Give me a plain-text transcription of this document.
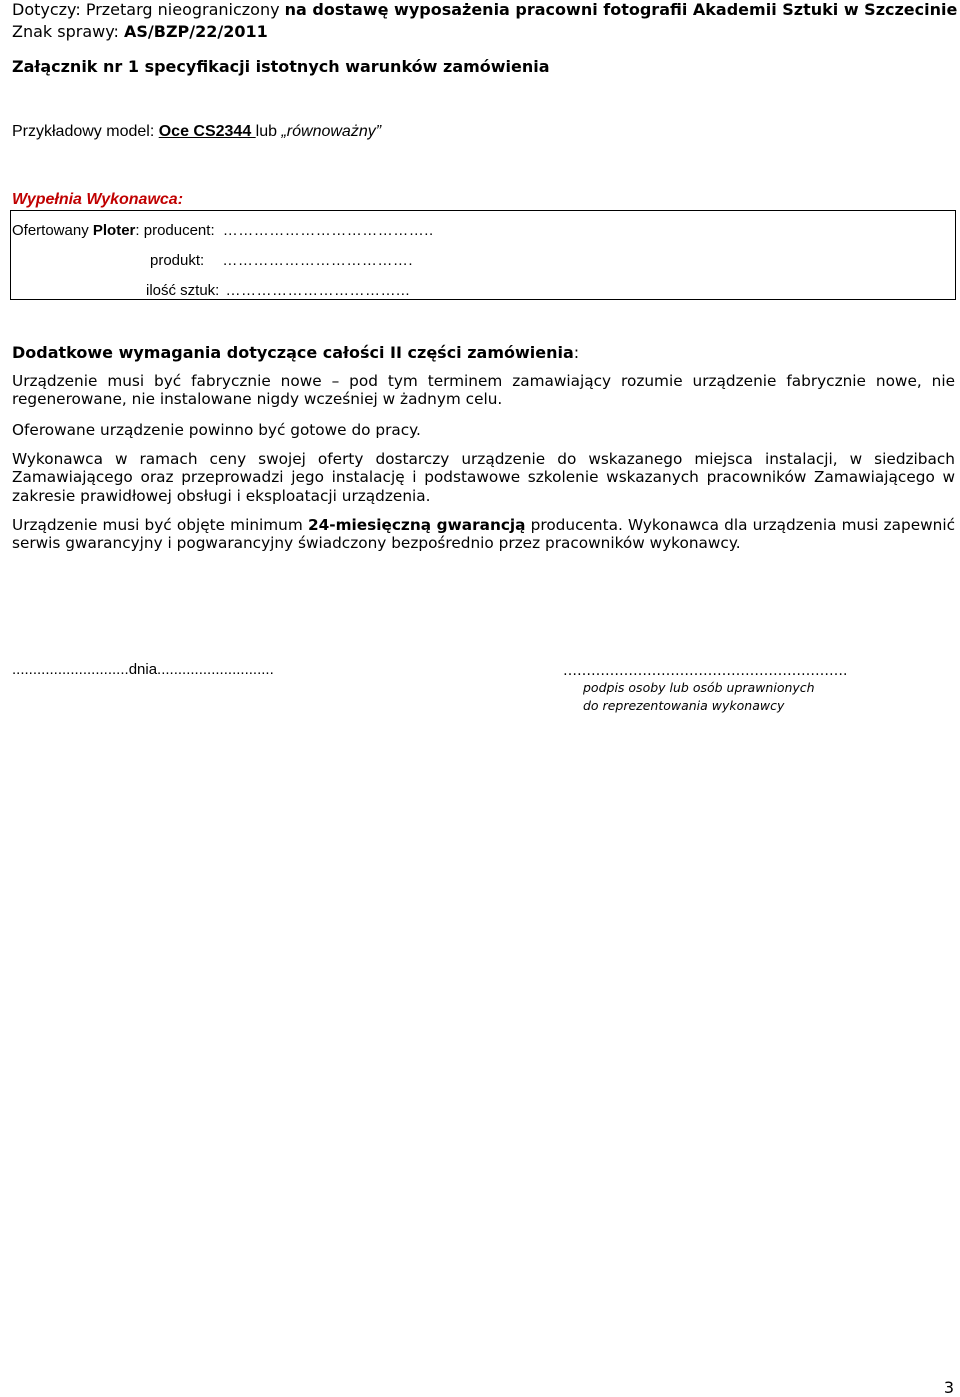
Dotyczy: Przetarg nieograniczony na dostawę wyposażenia pracowni fotografii Akademii Sztuki w Szczecinie
Znak sprawy: AS/BZP/22/2011
Załącznik nr 1 specyfikacji istotnych warunków zamówienia
Przykładowy model: Oce CS2344 lub „równoważny”
Wypełnia Wykonawca:
Ofertowany Ploter: producent: …………………………………..
produkt: ……………………………….
ilość sztuk: ……………………………...
Dodatkowe wymagania dotyczące całości II części zamówienia:
Urządzenie musi być fabrycznie nowe – pod tym terminem zamawiający rozumie urządzenie fabrycznie nowe, nie
regenerowane, nie instalowane nigdy wcześniej w żadnym celu.
Oferowane urządzenie powinno być gotowe do pracy.
Wykonawca w ramach ceny swojej oferty dostarczy urządzenie do wskazanego miejsca instalacji, w siedzibach
Zamawiającego oraz przeprowadzi jego instalację i podstawowe szkolenie wskazanych pracowników Zamawiającego w
zakresie prawidłowej obsługi i eksploatacji urządzenia.
Urządzenie musi być objęte minimum 24-miesięczną gwarancją producenta. Wykonawca dla urządzenia musi zapewnić
serwis gwarancyjny i pogwarancyjny świadczony bezpośrednio przez pracowników wykonawcy.
............................dnia............................	…………………………………………………….
podpis osoby lub osób uprawnionych
do reprezentowania wykonawcy
3
